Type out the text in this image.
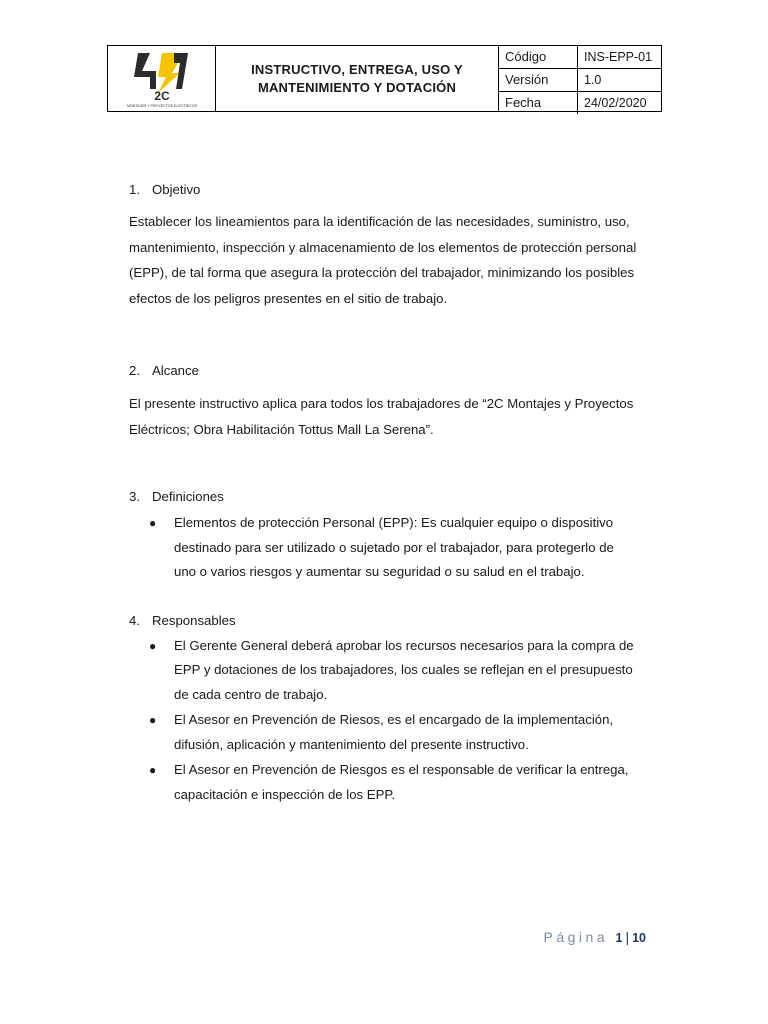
2C
MONTAJES Y PROYECTOS ELECTRICOS
INSTRUCTIVO, ENTREGA, USO Y
MANTENIMIENTO Y DOTACIÓN
Código	INS-EPP-01
Versión	1.0
Fecha	24/02/2020
1. Objetivo
Establecer los lineamientos para la identificación de las necesidades, suministro, uso,
mantenimiento, inspección y almacenamiento de los elementos de protección personal
(EPP), de tal forma que asegura la protección del trabajador, minimizando los posibles
efectos de los peligros presentes en el sitio de trabajo.
2. Alcance
El presente instructivo aplica para todos los trabajadores de “2C Montajes y Proyectos
Eléctricos; Obra Habilitación Tottus Mall La Serena”.
3. Definiciones
●	Elementos de protección Personal (EPP): Es cualquier equipo o dispositivo
destinado para ser utilizado o sujetado por el trabajador, para protegerlo de
uno o varios riesgos y aumentar su seguridad o su salud en el trabajo.
4. Responsables
●	El Gerente General deberá aprobar los recursos necesarios para la compra de
EPP y dotaciones de los trabajadores, los cuales se reflejan en el presupuesto
de cada centro de trabajo.
●	El Asesor en Prevención de Riesos, es el encargado de la implementación,
difusión, aplicación y mantenimiento del presente instructivo.
●	El Asesor en Prevención de Riesgos es el responsable de verificar la entrega,
capacitación e inspección de los EPP.
Página 1 | 10
